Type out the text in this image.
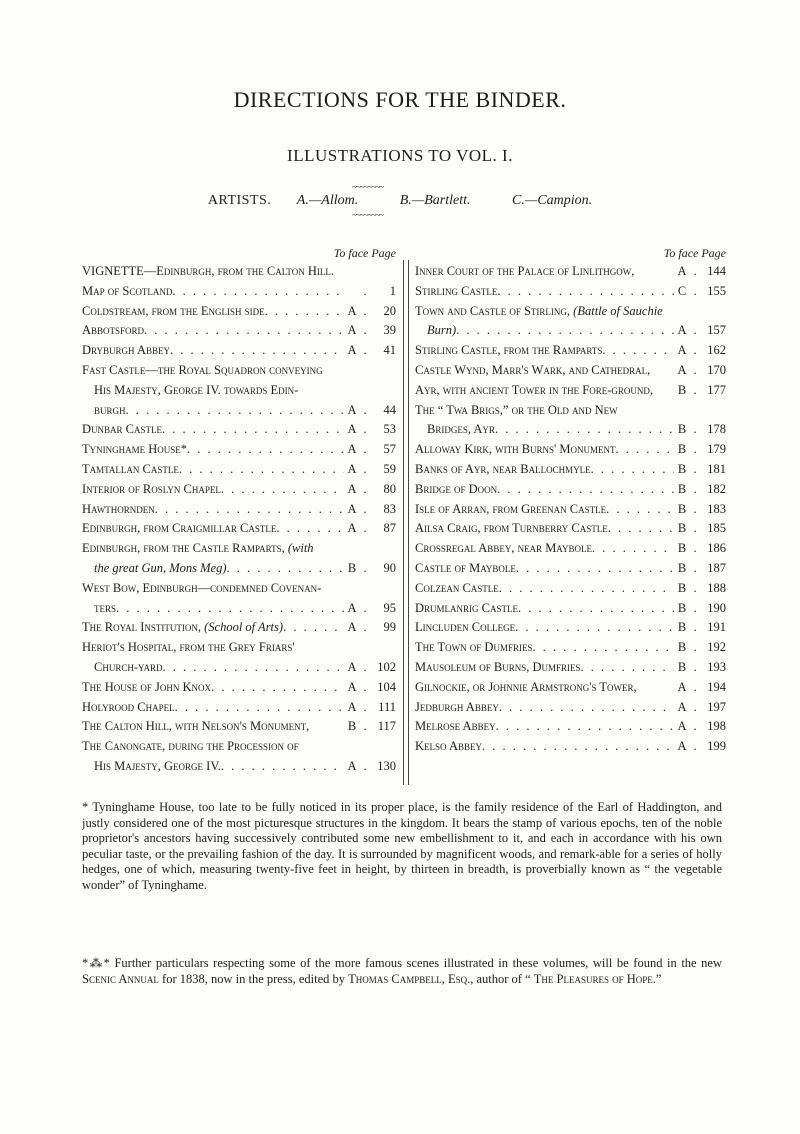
DIRECTIONS FOR THE BINDER.
ILLUSTRATIONS TO VOL. I.
~~~~~~~~
ARTISTS. A.—Allom.	B.—Bartlett.	C.—Campion.
~~~~~~~~
To face Page	To face Page
VIGNETTE—Edinburgh, from the Calton Hill.
Map of Scotland . . .	.	1
Coldstream, from the English side . . .	A .	20
Abbotsford . . .	A .	39
Dryburgh Abbey . . .	A .	41
Fast Castle—the Royal Squadron conveying
His Majesty, George IV. towards Edin-
burgh . . .	A .	44
Dunbar Castle . . .	A .	53
Tyninghame House* . . .	A .	57
Tamtallan Castle . . .	A .	59
Interior of Roslyn Chapel . . .	A .	80
Hawthornden . . .	A .	83
Edinburgh, from Craigmillar Castle . . .	A .	87
Edinburgh, from the Castle Ramparts, (with
the great Gun, Mons Meg) . . .	B .	90
West Bow, Edinburgh—condemned Covenan-
ters . . .	A .	95
The Royal Institution, (School of Arts) . . .	A .	99
Heriot's Hospital, from the Grey Friars'
Church-yard . . .	A . 102
The House of John Knox . . .	A . 104
Holyrood Chapel . . .	A . 111
The Calton Hill, with Nelson's Monument,	B . 117
The Canongate, during the Procession of
His Majesty, George IV. . . .	A . 130
Inner Court of the Palace of Linlithgow,	A . 144
Stirling Castle . . .	C . 155
Town and Castle of Stirling, (Battle of Sauchie
Burn) . . .	A . 157
Stirling Castle, from the Ramparts . . .	A . 162
Castle Wynd, Marr's Wark, and Cathedral, A . 170
Ayr, with ancient Tower in the Fore-ground,	B . 177
The “ Twa Brigs,” or the Old and New
Bridges, Ayr . . .	B . 178
Alloway Kirk, with Burns' Monument . . .	B . 179
Banks of Ayr, near Ballochmyle . . .	B . 181
Bridge of Doon . . .	B . 182
Isle of Arran, from Greenan Castle . . .	B . 183
Ailsa Craig, from Turnberry Castle . . .	B . 185
Crossregal Abbey, near Maybole . . .	B . 186
Castle of Maybole . . .	B . 187
Colzean Castle . . .	B . 188
Drumlanrig Castle . . .	B . 190
Lincluden College . . .	B . 191
The Town of Dumfries . . .	B . 192
Mausoleum of Burns, Dumfries . . .	B . 193
Gilnockie, or Johnnie Armstrong's Tower,	A . 194
Jedburgh Abbey . . .	A . 197
Melrose Abbey . . .	A . 198
Kelso Abbey . . .	A . 199
* Tyninghame House, too late to be fully noticed in its proper place, is the family residence of the Earl of Haddington, and justly considered one of the most picturesque structures in the kingdom. It bears the stamp of various epochs, ten of the noble proprietor's ancestors having successively contributed some new embellishment to it, and each in accordance with his own peculiar taste, or the prevailing fashion of the day. It is surrounded by magnificent woods, and remark-able for a series of holly hedges, one of which, measuring twenty-five feet in height, by thirteen in breadth, is proverbially known as “ the vegetable wonder” of Tyninghame.
*⁂* Further particulars respecting some of the more famous scenes illustrated in these volumes, will be found in the new Scenic Annual for 1838, now in the press, edited by Thomas Campbell, Esq., author of “ The Pleasures of Hope.”
